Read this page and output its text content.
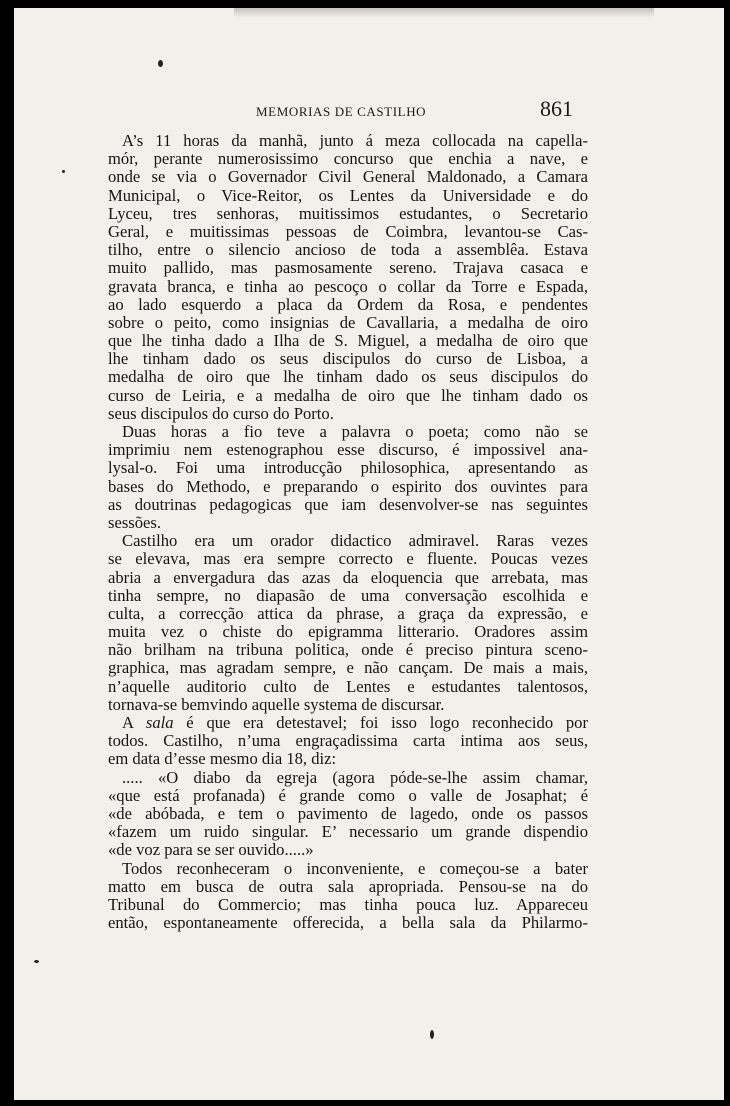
MEMORIAS DE CASTILHO	861
A’s 11 horas da manhã, junto á meza collocada na capella-
mór, perante numerosissimo concurso que enchia a nave, e
onde se via o Governador Civil General Maldonado, a Camara
Municipal, o Vice-Reitor, os Lentes da Universidade e do
Lyceu, tres senhoras, muitissimos estudantes, o Secretario
Geral, e muitissimas pessoas de Coimbra, levantou-se Cas-
tilho, entre o silencio ancioso de toda a assemblêa. Estava
muito pallido, mas pasmosamente sereno. Trajava casaca e
gravata branca, e tinha ao pescoço o collar da Torre e Espada,
ao lado esquerdo a placa da Ordem da Rosa, e pendentes
sobre o peito, como insignias de Cavallaria, a medalha de oiro
que lhe tinha dado a Ilha de S. Miguel, a medalha de oiro que
lhe tinham dado os seus discipulos do curso de Lisboa, a
medalha de oiro que lhe tinham dado os seus discipulos do
curso de Leiria, e a medalha de oiro que lhe tinham dado os
seus discipulos do curso do Porto.
Duas horas a fio teve a palavra o poeta; como não se
imprimiu nem estenographou esse discurso, é impossivel ana-
lysal-o. Foi uma introducção philosophica, apresentando as
bases do Methodo, e preparando o espirito dos ouvintes para
as doutrinas pedagogicas que iam desenvolver-se nas seguintes
sessões.
Castilho era um orador didactico admiravel. Raras vezes
se elevava, mas era sempre correcto e fluente. Poucas vezes
abria a envergadura das azas da eloquencia que arrebata, mas
tinha sempre, no diapasão de uma conversação escolhida e
culta, a correcção attica da phrase, a graça da expressão, e
muita vez o chiste do epigramma litterario. Oradores assim
não brilham na tribuna politica, onde é preciso pintura sceno-
graphica, mas agradam sempre, e não cançam. De mais a mais,
n’aquelle auditorio culto de Lentes e estudantes talentosos,
tornava-se bemvindo aquelle systema de discursar.
A sala é que era detestavel; foi isso logo reconhecido por
todos. Castilho, n’uma engraçadissima carta intima aos seus,
em data d’esse mesmo dia 18, diz:
..... «O diabo da egreja (agora póde-se-lhe assim chamar,
«que está profanada) é grande como o valle de Josaphat; é
«de abóbada, e tem o pavimento de lagedo, onde os passos
«fazem um ruido singular. E’ necessario um grande dispendio
«de voz para se ser ouvido.....»
Todos reconheceram o inconveniente, e começou-se a bater
matto em busca de outra sala apropriada. Pensou-se na do
Tribunal do Commercio; mas tinha pouca luz. Appareceu
então, espontaneamente offerecida, a bella sala da Philarmo-
